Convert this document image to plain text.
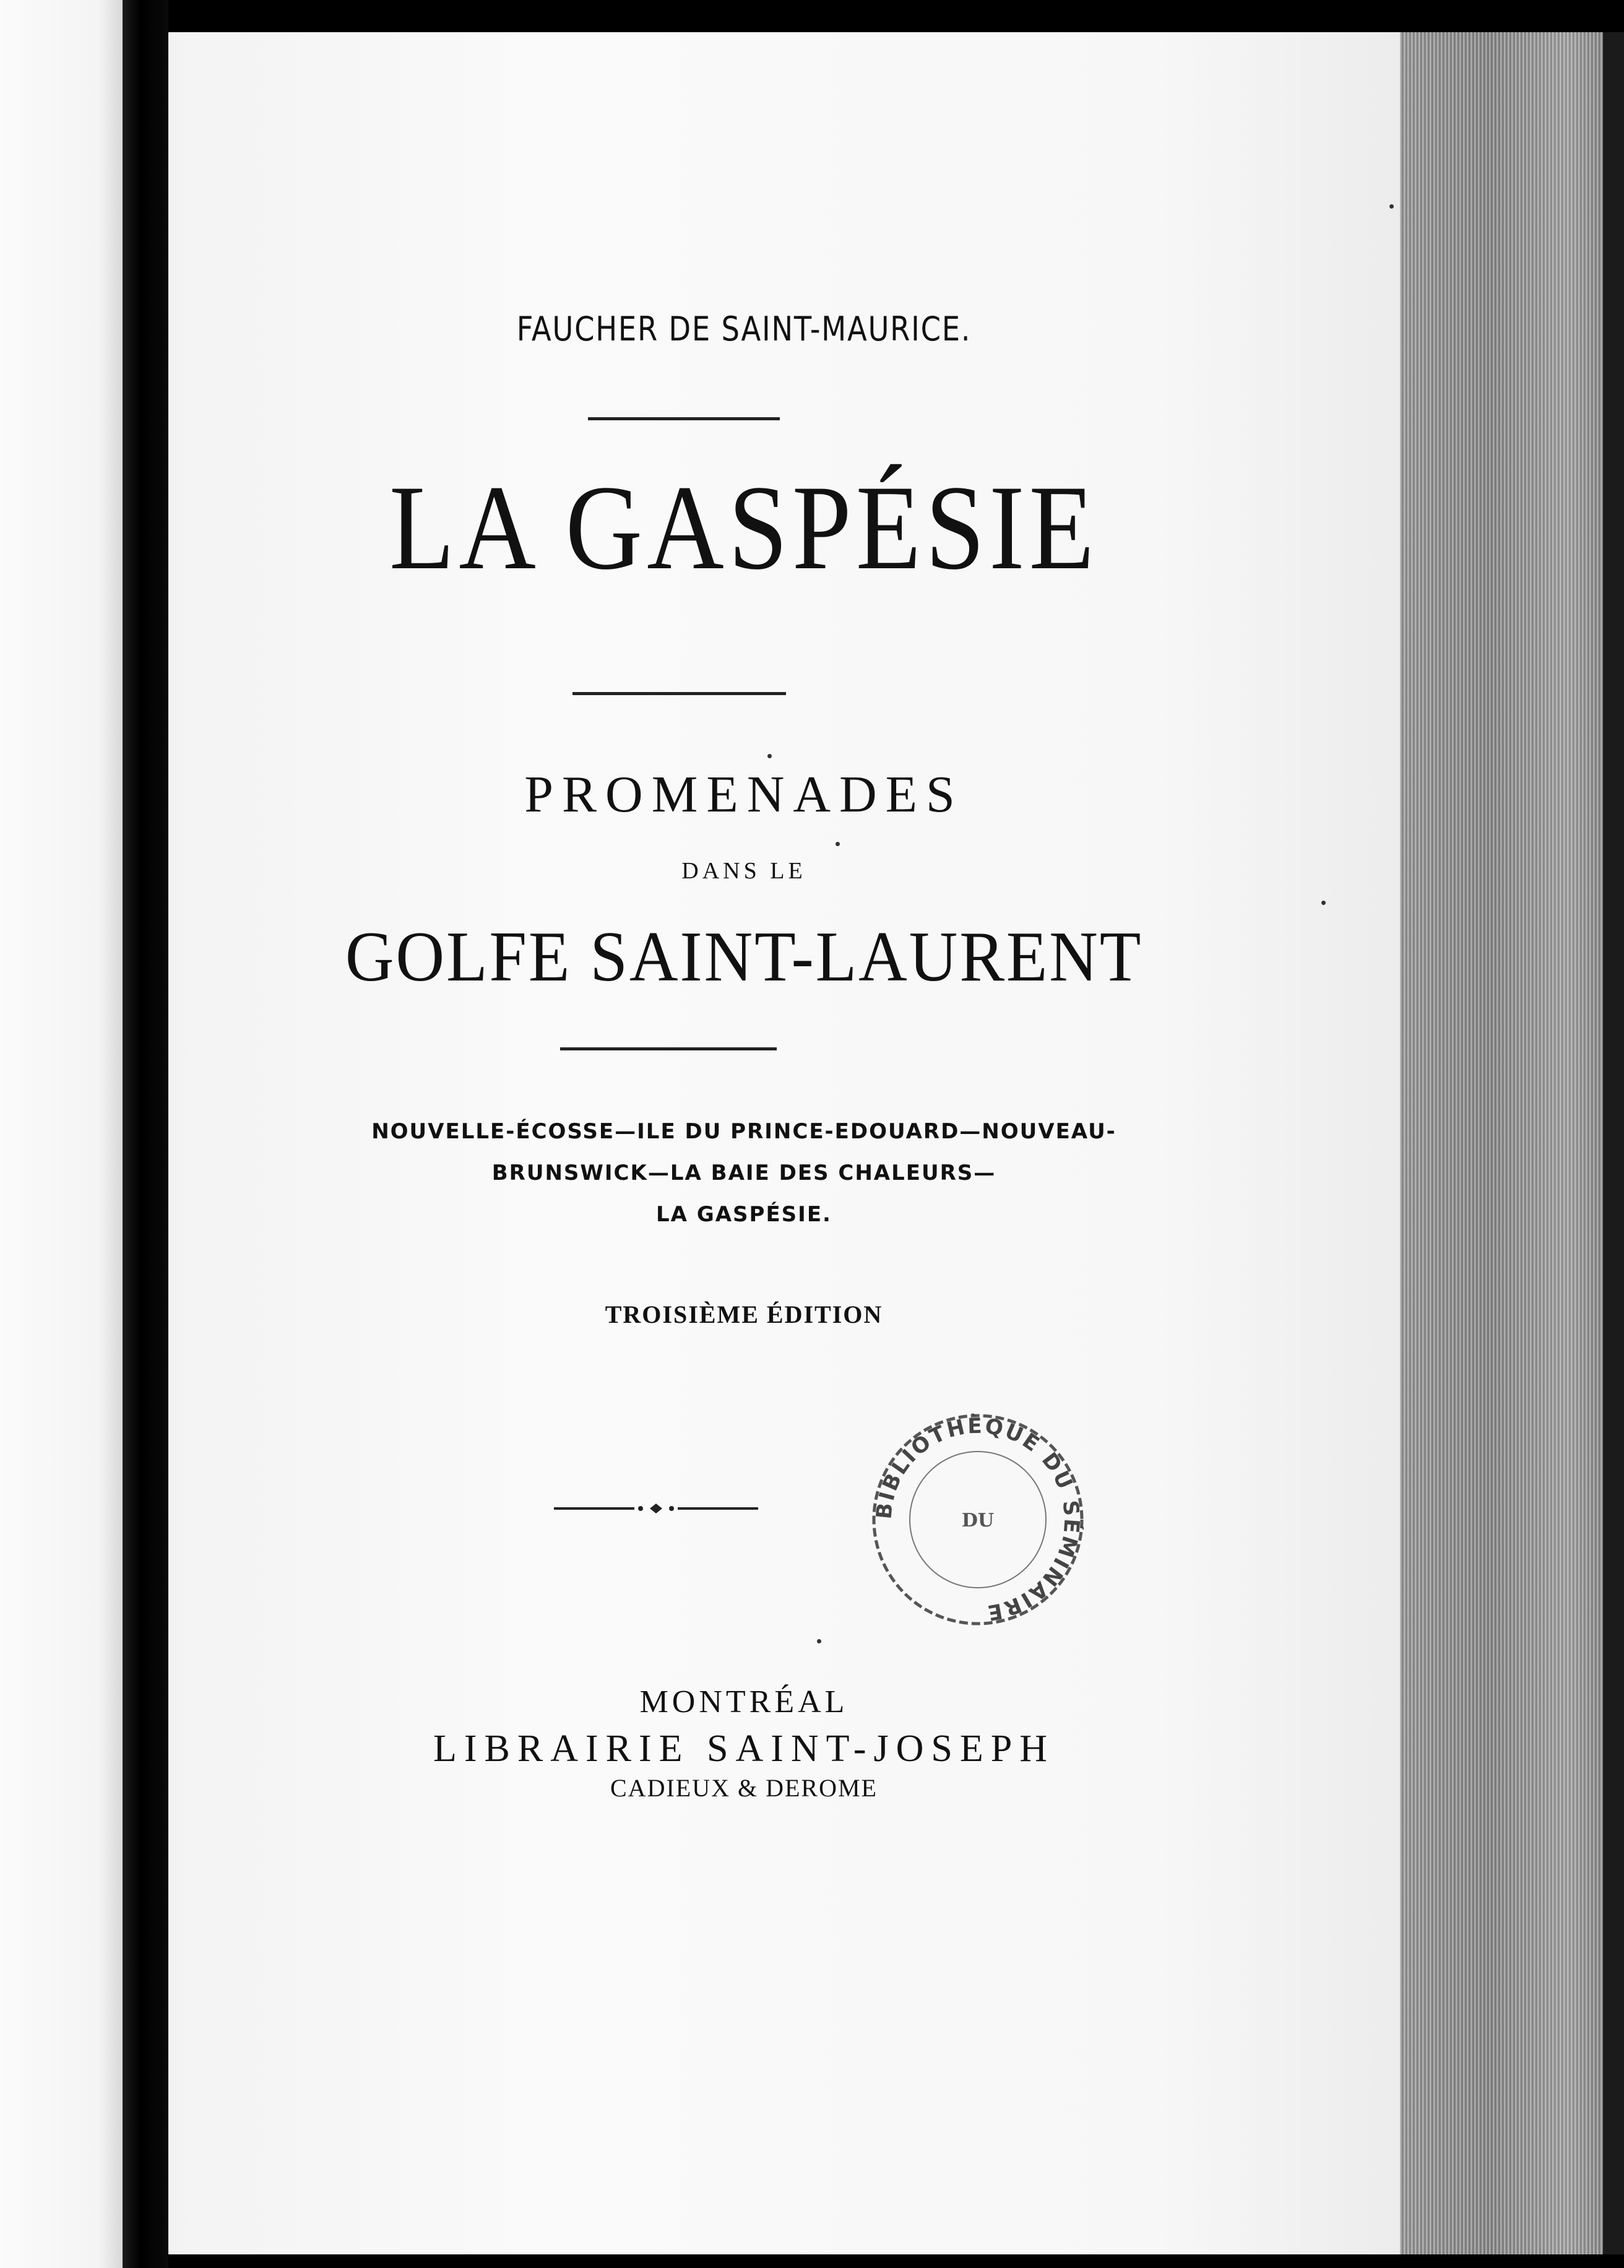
FAUCHER DE SAINT-MAURICE.
LA GASPÉSIE
PROMENADES
DANS LE
GOLFE SAINT-LAURENT
NOUVELLE-ÉCOSSE—ILE DU PRINCE-EDOUARD—NOUVEAU-
BRUNSWICK—LA BAIE DES CHALEURS—
LA GASPÉSIE.
TROISIÈME ÉDITION
BIBLIOTHÈQUE DU SÉMINAIRE
DU
MONTRÉAL
LIBRAIRIE SAINT-JOSEPH
CADIEUX & DEROME
